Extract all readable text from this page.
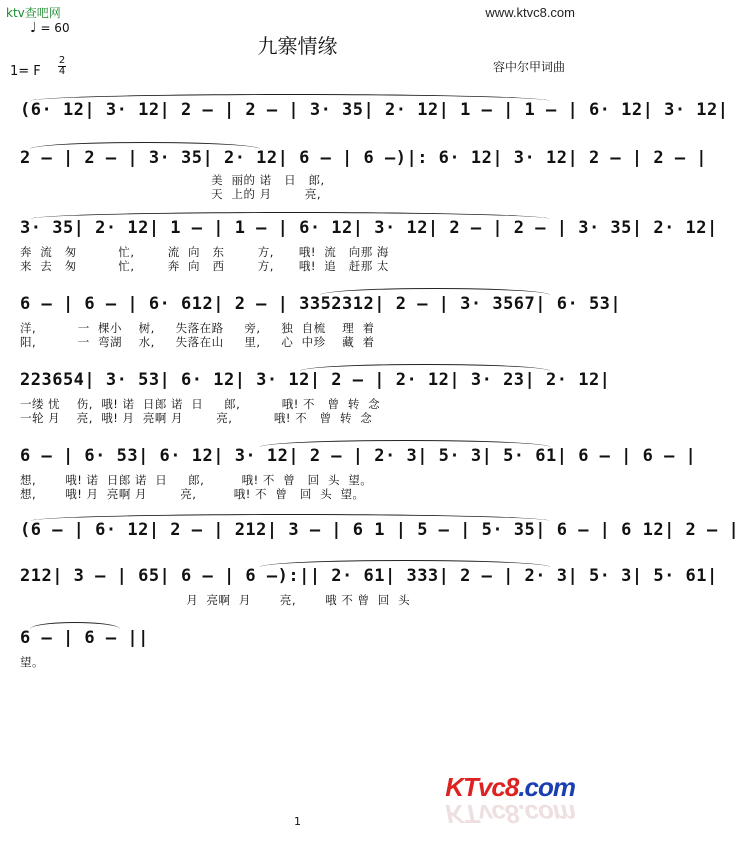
ktv查吧网
♩ = 60
www.ktvc8.com
九寨情缘
1= F
2
4	容中尔甲词曲
(6· 12| 3· 12| 2 — | 2 — | 3· 35| 2· 12| 1 — | 1 — | 6· 12| 3· 12|
2 — | 2 — | 3· 35| 2· 12| 6 — | 6 —)|: 6· 12| 3· 12| 2 — | 2 — |
美  丽的 诺   日   郎,
天  上的 月        亮,
3· 35| 2· 12| 1 — | 1 — | 6· 12| 3· 12| 2 — | 2 — | 3· 35| 2· 12|
奔  流   匆          忙,        流  向   东        方,      哦!  流   向那 海
来  去   匆          忙,        奔  向   西        方,      哦!  追   赶那 太
6 — | 6 — | 6· 612| 2 — | 3352312| 2 — | 3· 3567| 6· 53|
洋,          一  棵小    树,     失落在路     旁,     独  自梳    理  着
阳,          一  弯湖    水,     失落在山     里,     心  中珍    藏  着
223654| 3· 53| 6· 12| 3· 12| 2 — | 2· 12| 3· 23| 2· 12|
一缕 忧    伤,  哦! 诺  日郎 诺  日     郎,          哦! 不   曾  转  念
一轮 月    亮,  哦! 月  亮啊 月        亮,          哦! 不   曾  转  念
6 — | 6· 53| 6· 12| 3· 12| 2 — | 2· 3| 5· 3| 5· 61| 6 — | 6 — |
想,       哦! 诺  日郎 诺  日     郎,         哦! 不  曾   回  头  望。
想,       哦! 月  亮啊 月        亮,         哦! 不  曾   回  头  望。
(6 — | 6· 12| 2 — | 212| 3 — | 6 1 | 5 — | 5· 35| 6 — | 6 12| 2 — |
212| 3 — | 65| 6 — | 6 —):|| 2· 61| 333| 2 — | 2· 3| 5· 3| 5· 61|
月  亮啊  月       亮,       哦 不 曾  回  头
6 — | 6 — ||
望。
KTvc8.com
KTvc8.com
1
